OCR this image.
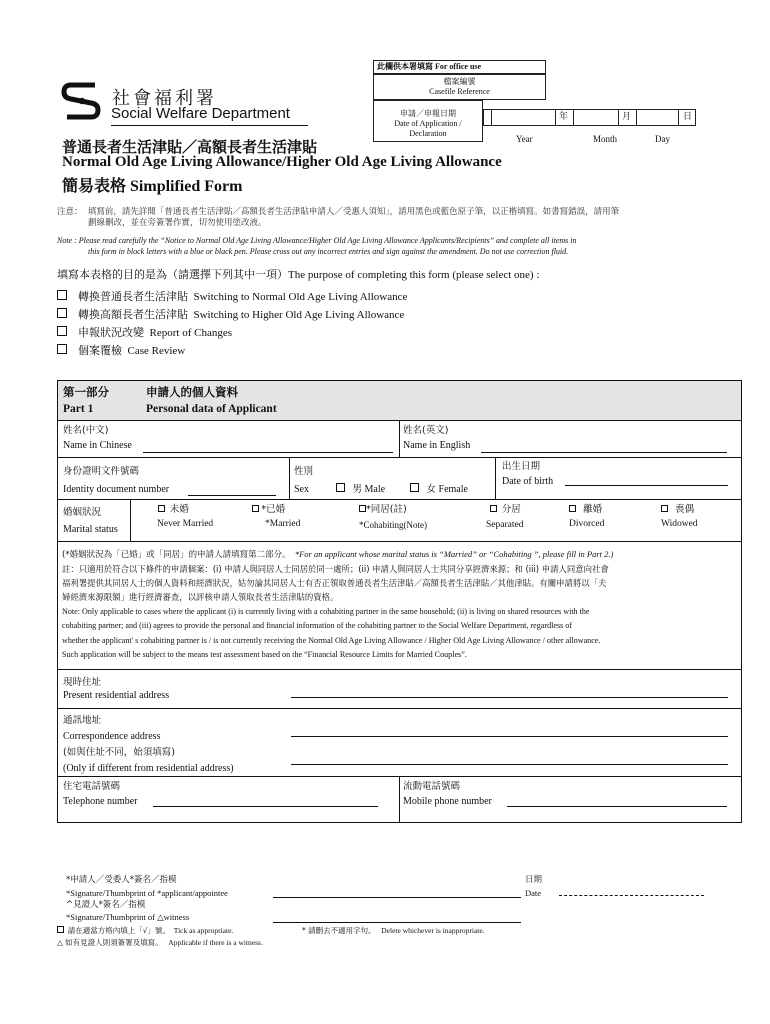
此欄供本署填寫 For office use
檔案編號
Casefile Reference
申請／申報日期
Date of Application /
Declaration
年	月	日
Year	Month	Day
社會福利署
Social Welfare Department
普通長者生活津貼／高額長者生活津貼
Normal Old Age Living Allowance/Higher Old Age Living Allowance
簡易表格 Simplified Form
注意： 填寫前，請先詳閱「普通長者生活津貼／高額長者生活津貼申請人／受惠人須知」，請用黑色或藍色原子筆，以正楷填寫。如書寫錯誤，請用筆
劃線刪改，並在旁簽署作實，切勿使用塗改液。
Note : Please read carefully the “Notice to Normal Old Age Living Allowance/Higher Old Age Living Allowance Applicants/Recipients” and complete all items in
this form in block letters with a blue or black pen. Please cross out any incorrect entries and sign against the amendment. Do not use correction fluid.
填寫本表格的目的是為（請選擇下列其中一項）The purpose of completing this form (please select one) :
轉換普通長者生活津貼 Switching to Normal Old Age Living Allowance
轉換高額長者生活津貼 Switching to Higher Old Age Living Allowance
申報狀況改變 Report of Changes
個案覆檢 Case Review
第一部分
Part 1
申請人的個人資料
Personal data of Applicant
姓名(中文)
Name in Chinese
姓名(英文)
Name in English
身份證明文件號碼
Identity document number
性別
Sex	男 Male	女 Female
出生日期
Date of birth
婚姻狀況
Marital status
未婚
Never Married
*已婚
*Married
*同居(註)
*Cohabiting(Note)
分居
Separated
離婚
Divorced
喪偶
Widowed
(*婚姻狀況為「已婚」或「同居」的申請人請填寫第二部分。 *For an applicant whose marital status is “Married” or “Cohabiting ”, please fill in Part 2.)
註：只適用於符合以下條件的申請個案：(i) 申請人與同居人士同居於同一處所；(ii) 申請人與同居人士共同分享經濟來源；和 (iii) 申請人同意向社會
福利署提供其同居人士的個人資料和經濟狀況，姑勿論其同居人士有否正領取普通長者生活津貼／高額長者生活津貼／其他津貼。有關申請將以「夫
婦經濟來源限額」進行經濟審查，以評核申請人領取長者生活津貼的資格。
Note: Only applicable to cases where the applicant (i) is currently living with a cohabiting partner in the same household; (ii) is living on shared resources with the
cohabiting partner; and (iii) agrees to provide the personal and financial information of the cohabiting partner to the Social Welfare Department, regardless of
whether the applicant' s cohabiting partner is / is not currently receiving the Normal Old Age Living Allowance / Higher Old Age Living Allowance / other allowance.
Such application will be subject to the means test assessment based on the “Financial Resource Limits for Married Couples”.
現時住址
Present residential address
通訊地址
Correspondence address
(如與住址不同，始須填寫)
(Only if different from residential address)
住宅電話號碼
Telephone number
流動電話號碼
Mobile phone number
*申請人／受委人*簽名／指模
*Signature/Thumbprint of *applicant/appointee
日期
Date
^見證人*簽名／指模
*Signature/Thumbprint of △witness
請在適當方格內填上「√」號。 Tick as appropriate.	* 請刪去不適用字句。 Delete whichever is inappropriate.
△ 如有見證人則須簽署及填寫。 Applicable if there is a witness.
